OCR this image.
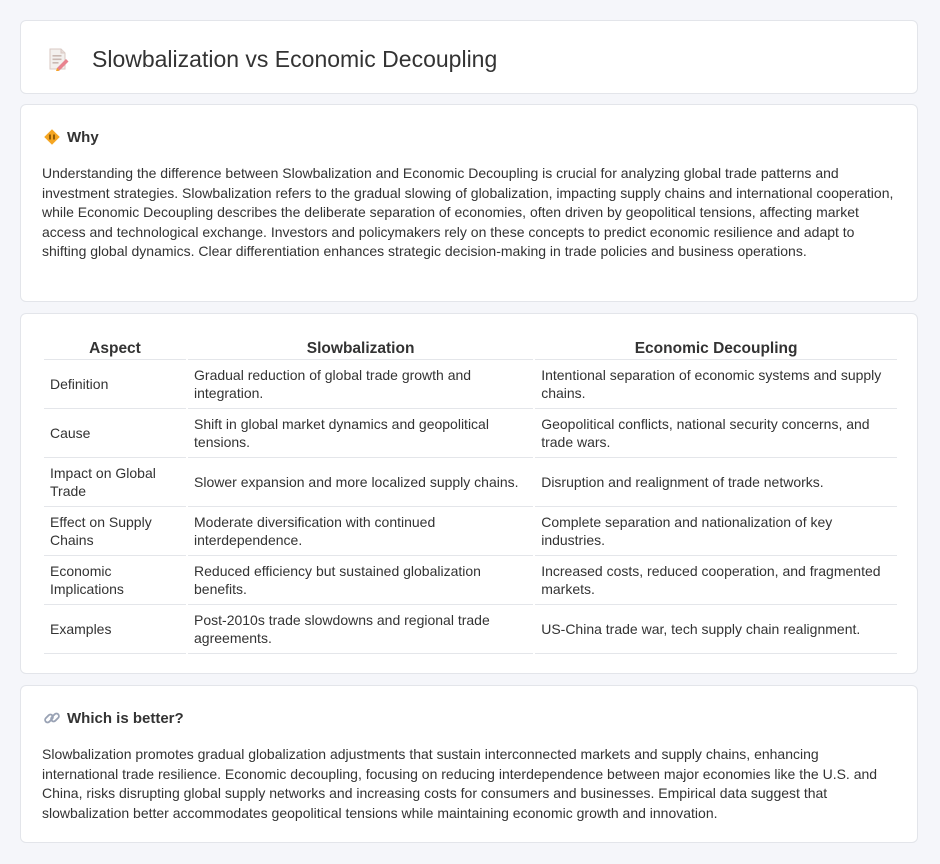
Slowbalization vs Economic Decoupling
Why

Understanding the difference between Slowbalization and Economic Decoupling is crucial for analyzing global trade patterns and investment strategies. Slowbalization refers to the gradual slowing of globalization, impacting supply chains and international cooperation, while Economic Decoupling describes the deliberate separation of economies, often driven by geopolitical tensions, affecting market access and technological exchange. Investors and policymakers rely on these concepts to predict economic resilience and adapt to shifting global dynamics. Clear differentiation enhances strategic decision-making in trade policies and business operations.

Aspect	Slowbalization	Economic Decoupling
Definition	Gradual reduction of global trade growth and integration.	Intentional separation of economic systems and supply chains.
Cause	Shift in global market dynamics and geopolitical tensions.	Geopolitical conflicts, national security concerns, and trade wars.
Impact on Global Trade	Slower expansion and more localized supply chains.	Disruption and realignment of trade networks.
Effect on Supply Chains	Moderate diversification with continued interdependence.	Complete separation and nationalization of key industries.
Economic Implications	Reduced efficiency but sustained globalization benefits.	Increased costs, reduced cooperation, and fragmented markets.
Examples	Post-2010s trade slowdowns and regional trade agreements.	US-China trade war, tech supply chain realignment.
Which is better?

Slowbalization promotes gradual globalization adjustments that sustain interconnected markets and supply chains, enhancing international trade resilience. Economic decoupling, focusing on reducing interdependence between major economies like the U.S. and China, risks disrupting global supply networks and increasing costs for consumers and businesses. Empirical data suggest that slowbalization better accommodates geopolitical tensions while maintaining economic growth and innovation.
